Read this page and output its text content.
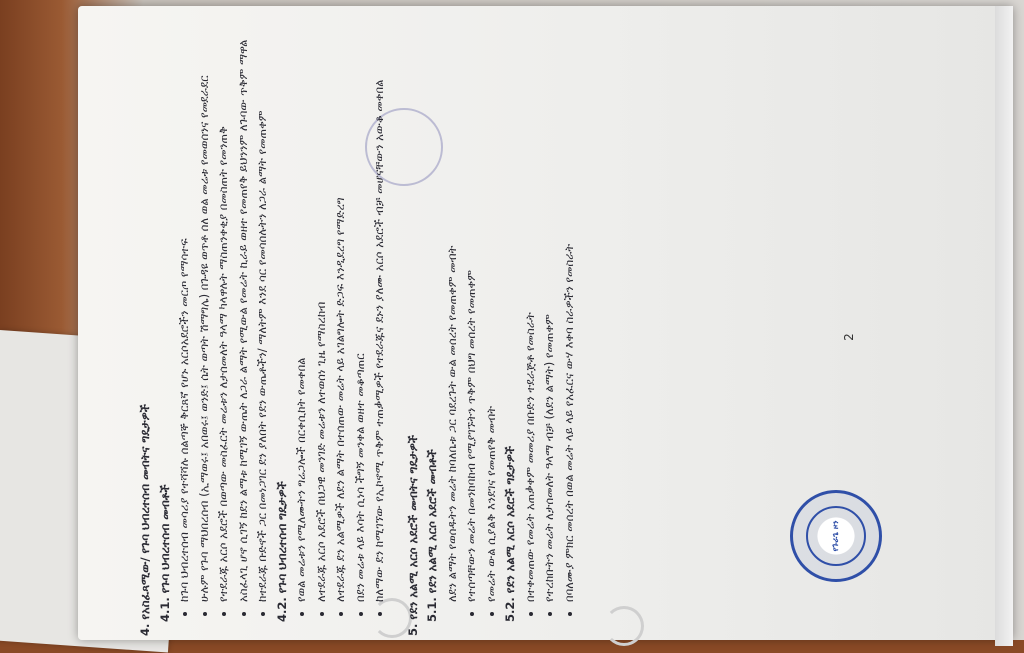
4. የአስፈጻሚው/ የጉባ ህብረተሰብ መብትና ግዴታዎች 4.1. የጉባ ህብረተሰብ መብቶች • ከጉባ ህብረተሰብ መሳሪያ የተሻሻሉ ሰልጣኞ ቅርጸኛ የሆኑ አርሶአደሮችን መርጦ የማሳተፍ • ሁሉም የጉባ ማህበረሰብ (ኢማወሩ፤ አበወሩ፤ ወንድ፤ ሴት ወጣት ሽማግሌ) በጉዳዩ ወጥቶ ሰለ ወል መሬቱ የመወሰንና የመደራደር • የተደራጁ አርሶ አደሮች በወጣው መስፈርት መሬቱን ለታሰመለት ዓላማ ካላዋሉት ማስጠንቀቂያ በመስጠት የመንጠቅ • አስፈላጊ ሆኖ ሲገኝ ከደን ልማቱ ከሚገኝ ውጤት ለጋራ ልማት የሚውል የመሬት ኪራይ ወዘተ የመጠየቅ ይህንንም ለጉባው ጥቅም ማዋል • ከተደራጁ ቡድኖች ጋር በመነጋገር ደን ያለበት የደን ውጤቶችን/ ማለትም እንደ ሳር የመሳሰሉትን ለጋራ ልማት የመጠቀም 4.2. የጉባ ህብረተሰብ ግዴታዎች • የወል መሬቱን የሚለሙትን ግሬጋሎች በርቀሲከት የመቀበል • ለተደራጁ አርሶ አደሮች በህጋዊ መንገድ መሬቱን ለተወሰነ ጊዜ የማስረከብ • ለተደራጁ ደን አልሚዎች ለደን ልማት በተሰጠው መሬት ላይ አገልግሎት ድጋፍ እንዲደረግ የማድረግ • በደን መሬቱ ላይ እሳት ሲነሳ ችግኝ መንቀል ወዘተ መቆጣጠር • ከለማው ደን ከሚገኘው የኢኮኖሚ ጥቅም ተጠቃሚዎች የተደራጁና ደኑን ያለሙ አርሶ አደሮች ብቻ መሆናቸውን አውቆ መቀበል	5. የደን አልሚ አርሶ አደሮች መብትና ግዴታዎች 5.1. የደን አልሚ አርሶ አደሮች መብቶች ለደን ልማት የወሰዱትን መሬት ከባለቤቱ ጋር ባደረጉት ውል መሰረት የመጠቀም መብት • የተሰጣቸውን መሬት በመንከባከብ የሚያገኙትን ጥቅም በህግ መሰረት የመጠቀም • የመሬት ውል ሲያልቅ እንደገና የመጠየቅ መብት 5.2. የደን አልሚ አርሶ አደሮች ግዴታዎች • በተቀመጠው የመሬት አጠቃቀም መመሪያ በቡድን ተደራጅቶ የመስራት • የተረከቡትን መሬት ለታሰመለት ዓላማ ብቻ (ለደን ልማት) የመጠቀም • በባለሙያ ምክር መሰረት በወል መሬት ላይ ላይ የአፈርና ውሃ እቀባ ስራዎችን የመስራት	2
የጉራጌ ዞን
